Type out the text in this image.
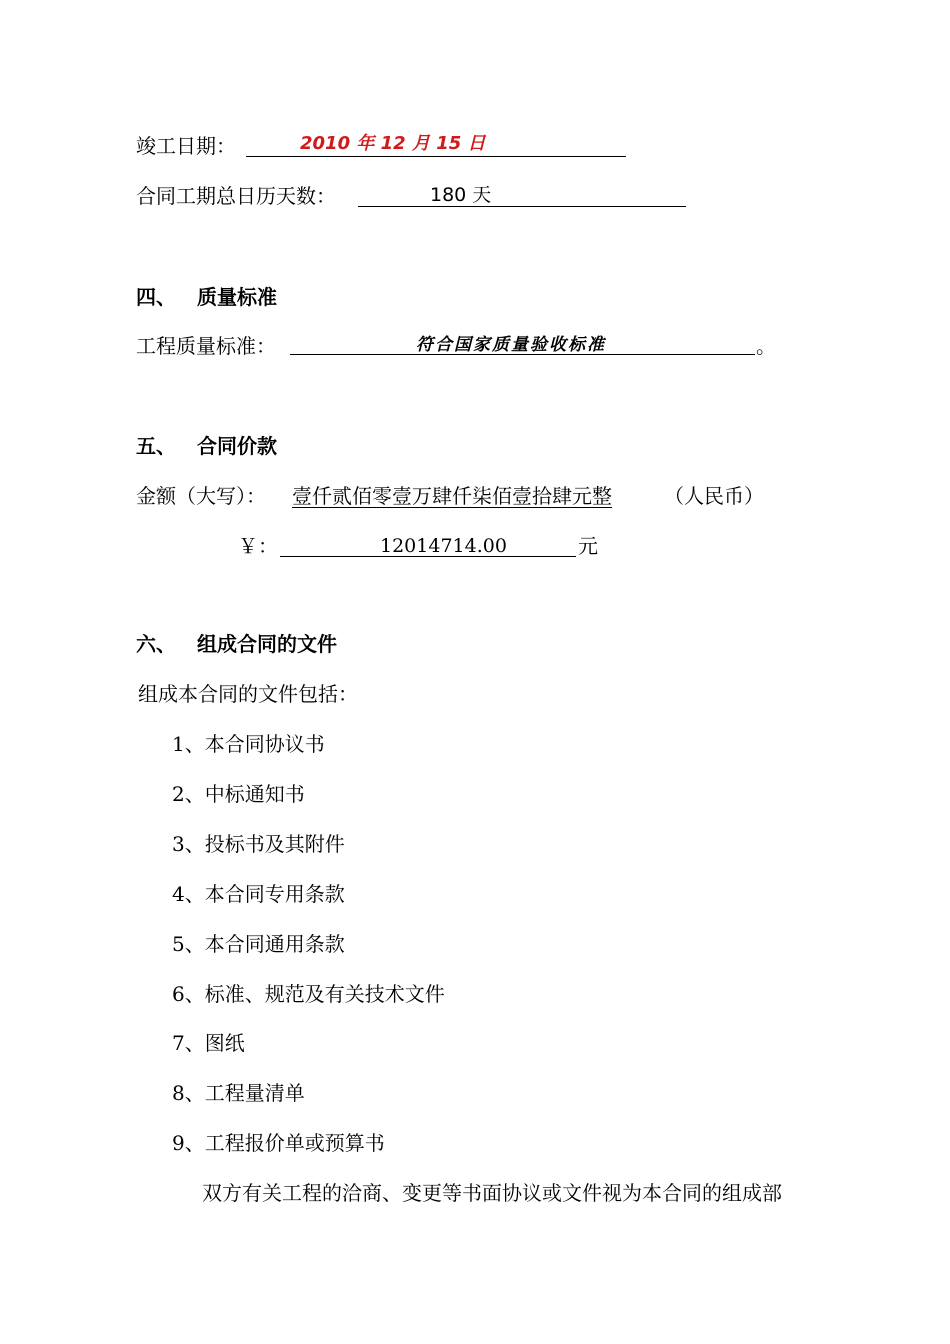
竣工日期：	2010 年 12 月 15 日
合同工期总日历天数：	180 天
四、 质量标准
工程质量标准：	符合国家质量验收标准	。
五、 合同价款
金额（大写）： 壹仟贰佰零壹万肆仟柒佰壹拾肆元整	（人民币）
￥：	12014714.00	元
六、 组成合同的文件
组成本合同的文件包括：
1、本合同协议书
2、中标通知书
3、投标书及其附件
4、本合同专用条款
5、本合同通用条款
6、标准、规范及有关技术文件
7、图纸
8、工程量清单
9、工程报价单或预算书
双方有关工程的洽商、变更等书面协议或文件视为本合同的组成部
